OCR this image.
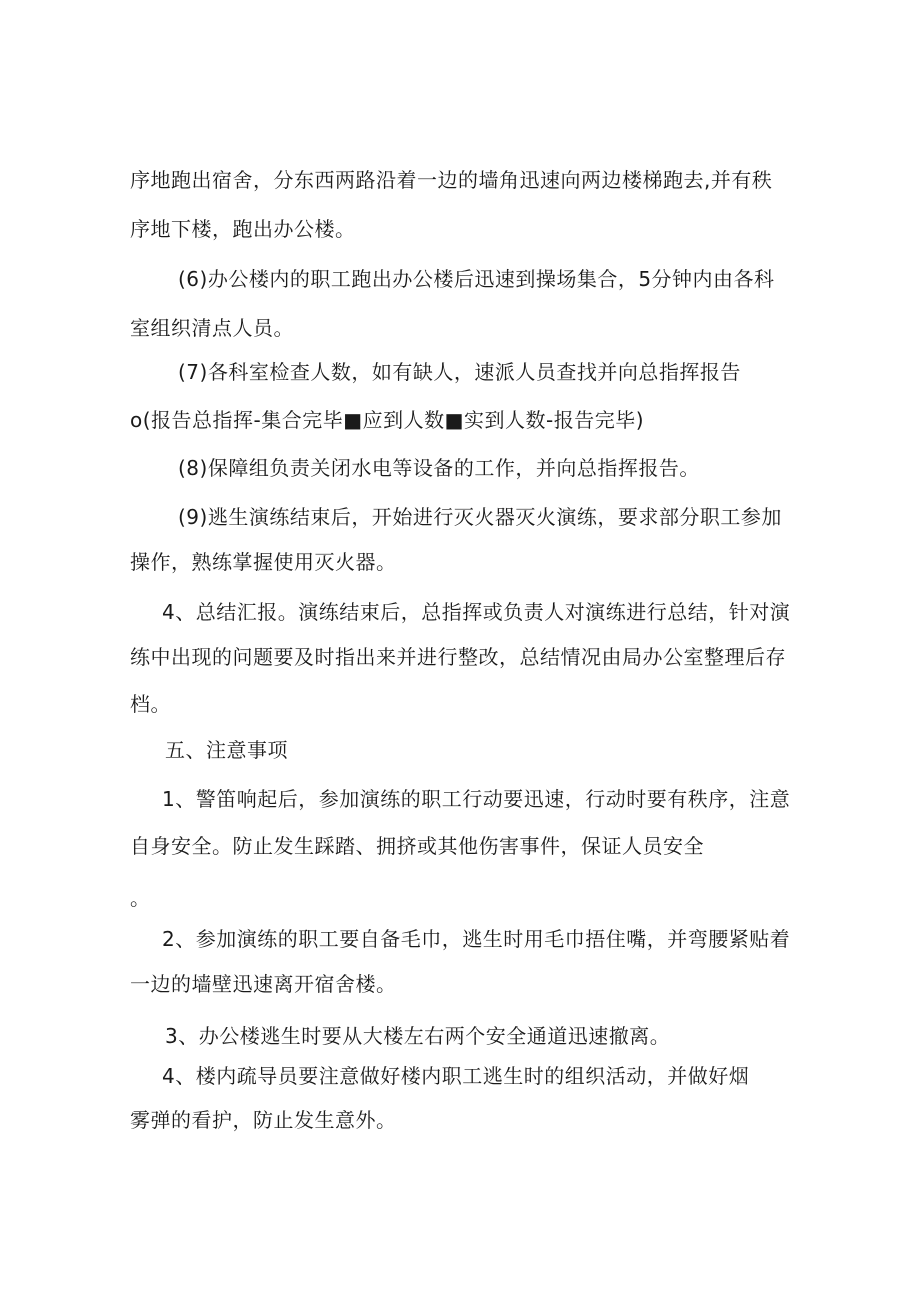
序地跑出宿舍，分东西两路沿着一边的墙角迅速向两边楼梯跑去,并有秩
序地下楼，跑出办公楼。
(6)办公楼内的职工跑出办公楼后迅速到操场集合，5分钟内由各科
室组织清点人员。
(7)各科室检查人数，如有缺人，速派人员查找并向总指挥报告
o(报告总指挥-集合完毕■应到人数■实到人数-报告完毕)
(8)保障组负责关闭水电等设备的工作，并向总指挥报告。
(9)逃生演练结束后，开始进行灭火器灭火演练，要求部分职工参加
操作，熟练掌握使用灭火器。
4、总结汇报。演练结束后，总指挥或负责人对演练进行总结，针对演
练中出现的问题要及时指出来并进行整改，总结情况由局办公室整理后存
档。
五、注意事项
1、警笛响起后，参加演练的职工行动要迅速，行动时要有秩序，注意
自身安全。防止发生踩踏、拥挤或其他伤害事件，保证人员安全
。
2、参加演练的职工要自备毛巾，逃生时用毛巾捂住嘴，并弯腰紧贴着
一边的墙壁迅速离开宿舍楼。
3、办公楼逃生时要从大楼左右两个安全通道迅速撤离。
4、楼内疏导员要注意做好楼内职工逃生时的组织活动，并做好烟
雾弹的看护，防止发生意外。
